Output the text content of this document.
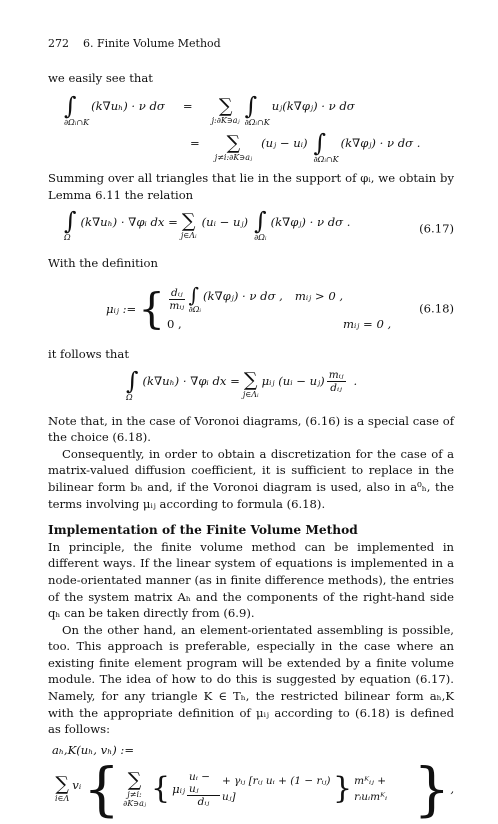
272 6. Finite Volume Method

we easily see that

∫
∂Ωᵢ∩K
(k∇uₕ) · ν dσ = ∑
j:∂K∋aⱼ ∫
∂Ωᵢ∩K
uⱼ(k∇φⱼ) · ν dσ
= ∑
j≠i:∂K∋aⱼ
(uⱼ − uᵢ) ∫
∂Ωᵢ∩K
(k∇φⱼ) · ν dσ .

Summing over all triangles that lie in the support of φᵢ, we obtain by Lemma 6.11 the relation

∫
Ω
(k∇uₕ) · ∇φᵢ dx = ∑
j∈Λᵢ
(uᵢ − uⱼ) ∫
∂Ωᵢ
(k∇φⱼ) · ν dσ .
(6.17)

With the definition

μᵢⱼ := { $\frac{\text{dᵢⱼ}}{\text{mᵢⱼ}}$ ∫
∂Ωᵢ
(k∇φⱼ) · ν dσ , mᵢⱼ > 0 ,
0 ,	mᵢⱼ = 0 ,
(6.18)

it follows that

∫
Ω
(k∇uₕ) · ∇φᵢ dx = ∑
j∈Λᵢ
μᵢⱼ (uᵢ − uⱼ) $\frac{\text{mᵢⱼ}}{\text{dᵢⱼ}}$ .

Note that, in the case of Voronoi diagrams, (6.16) is a special case of the choice (6.18).

Consequently, in order to obtain a discretization for the case of a matrix-valued diffusion coefficient, it is sufficient to replace in the bilinear form bₕ and, if the Voronoi diagram is used, also in a⁰ₕ, the terms involving μᵢⱼ according to formula (6.18).

Implementation of the Finite Volume Method

In principle, the finite volume method can be implemented in different ways. If the linear system of equations is implemented in a node-orientated manner (as in finite difference methods), the entries of the system matrix Aₕ and the components of the right-hand side qₕ can be taken directly from (6.9).

On the other hand, an element-orientated assembling is possible, too. This approach is preferable, especially in the case where an existing finite element program will be extended by a finite volume module. The idea of how to do this is suggested by equation (6.17). Namely, for any triangle K ∈ Tₕ, the restricted bilinear form aₕ,K with the appropriate definition of μᵢⱼ according to (6.18) is defined as follows:

aₕ,K(uₕ, vₕ) :=
∑
i∈Λ
vᵢ { ∑
j≠i:
∂K∋aⱼ { μᵢⱼ $\frac{\text{uᵢ − uⱼ}}{\text{dᵢⱼ}}$ + γᵢⱼ [rᵢⱼ uᵢ + (1 − rᵢⱼ) uⱼ]	} mᴷᵢⱼ + rᵢuᵢmᴷᵢ } ,
